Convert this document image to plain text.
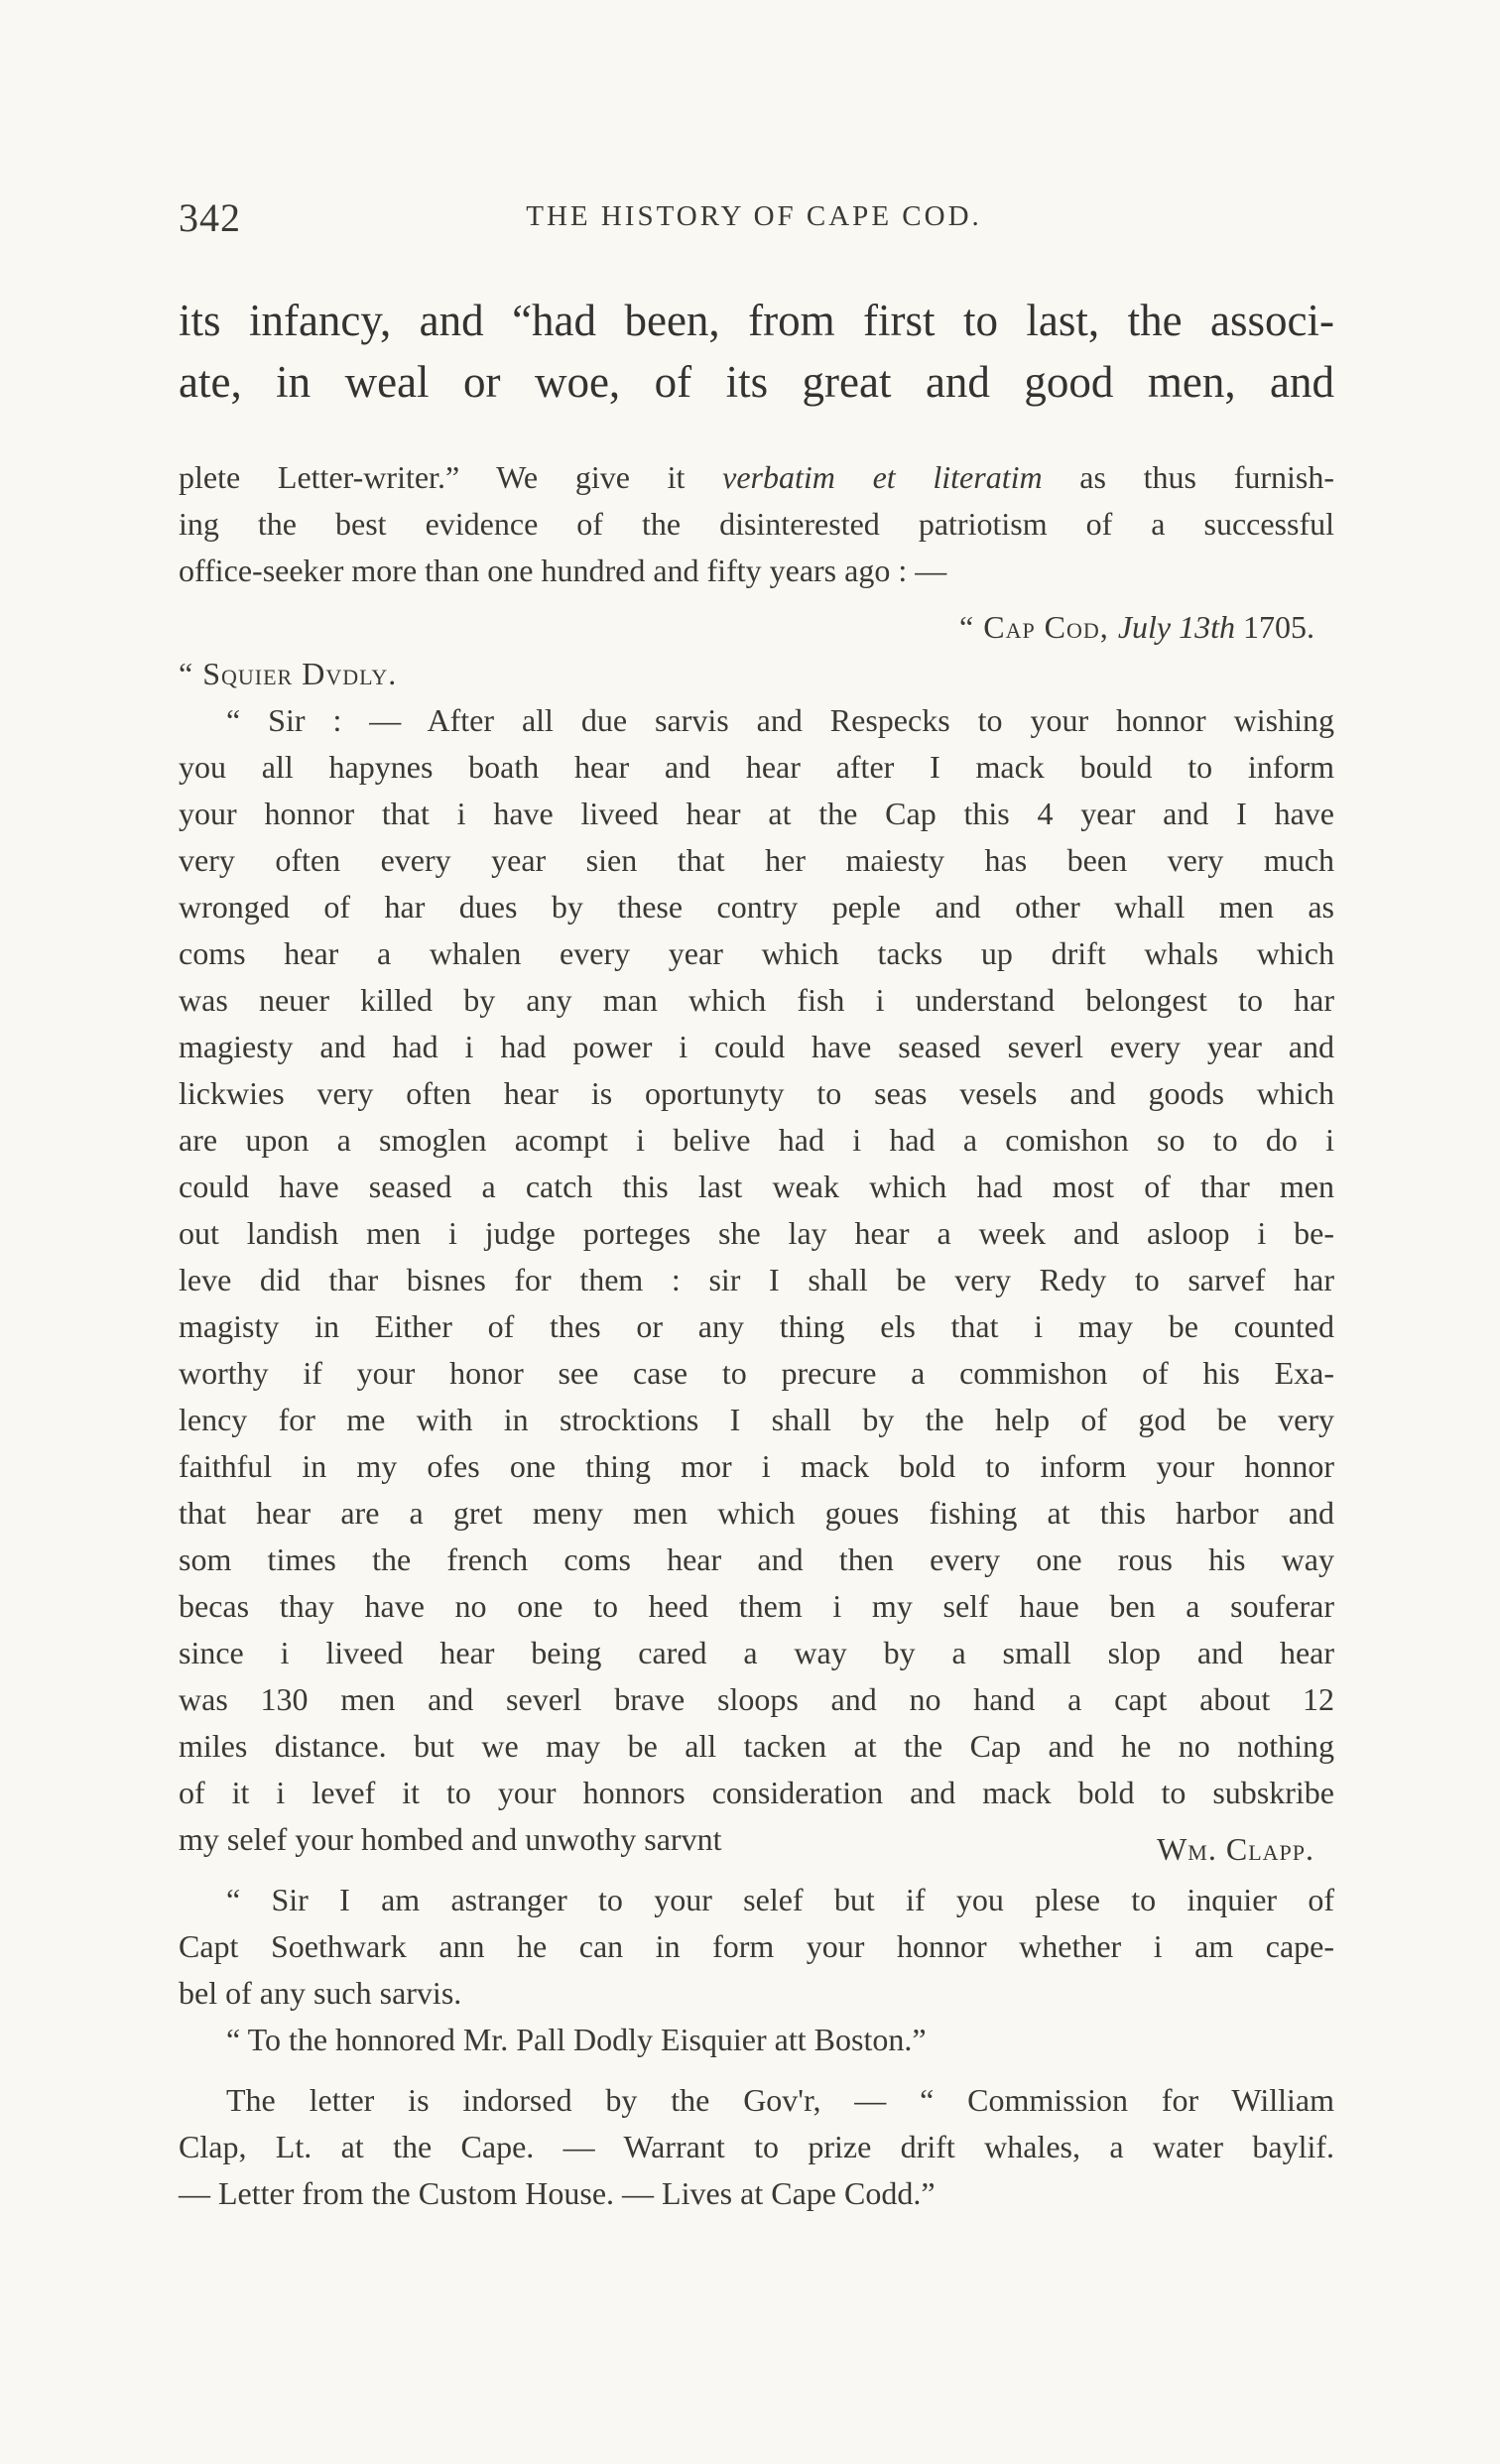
342	THE HISTORY OF CAPE COD.
its infancy, and “had been, from first to last, the associ-
ate, in weal or woe, of its great and good men, and
plete Letter-writer.” We give it verbatim et literatim as thus furnish-
ing the best evidence of the disinterested patriotism of a successful
office-seeker more than one hundred and fifty years ago : —
“ Cap Cod, July 13th 1705.
“ Squier Dvdly.
“ Sir : — After all due sarvis and Respecks to your honnor wishing
you all hapynes boath hear and hear after I mack bould to inform
your honnor that i have liveed hear at the Cap this 4 year and I have
very often every year sien that her maiesty has been very much
wronged of har dues by these contry peple and other whall men as
coms hear a whalen every year which tacks up drift whals which
was neuer killed by any man which fish i understand belongest to har
magiesty and had i had power i could have seased severl every year and
lickwies very often hear is oportunyty to seas vesels and goods which
are upon a smoglen acompt i belive had i had a comishon so to do i
could have seased a catch this last weak which had most of thar men
out landish men i judge porteges she lay hear a week and asloop i be-
leve did thar bisnes for them : sir I shall be very Redy to sarvef har
magisty in Either of thes or any thing els that i may be counted
worthy if your honor see case to precure a commishon of his Exa-
lency for me with in strocktions I shall by the help of god be very
faithful in my ofes one thing mor i mack bold to inform your honnor
that hear are a gret meny men which goues fishing at this harbor and
som times the french coms hear and then every one rous his way
becas thay have no one to heed them i my self haue ben a souferar
since i liveed hear being cared a way by a small slop and hear
was 130 men and severl brave sloops and no hand a capt about 12
miles distance. but we may be all tacken at the Cap and he no nothing
of it i levef it to your honnors consideration and mack bold to subskribe
my selef your hombed and unwothy sarvnt	Wm. Clapp.
“ Sir I am astranger to your selef but if you plese to inquier of
Capt Soethwark ann he can in form your honnor whether i am cape-
bel of any such sarvis.
“ To the honnored Mr. Pall Dodly Eisquier att Boston.”
The letter is indorsed by the Gov'r, — “ Commission for William
Clap, Lt. at the Cape. — Warrant to prize drift whales, a water baylif.
— Letter from the Custom House. — Lives at Cape Codd.”
